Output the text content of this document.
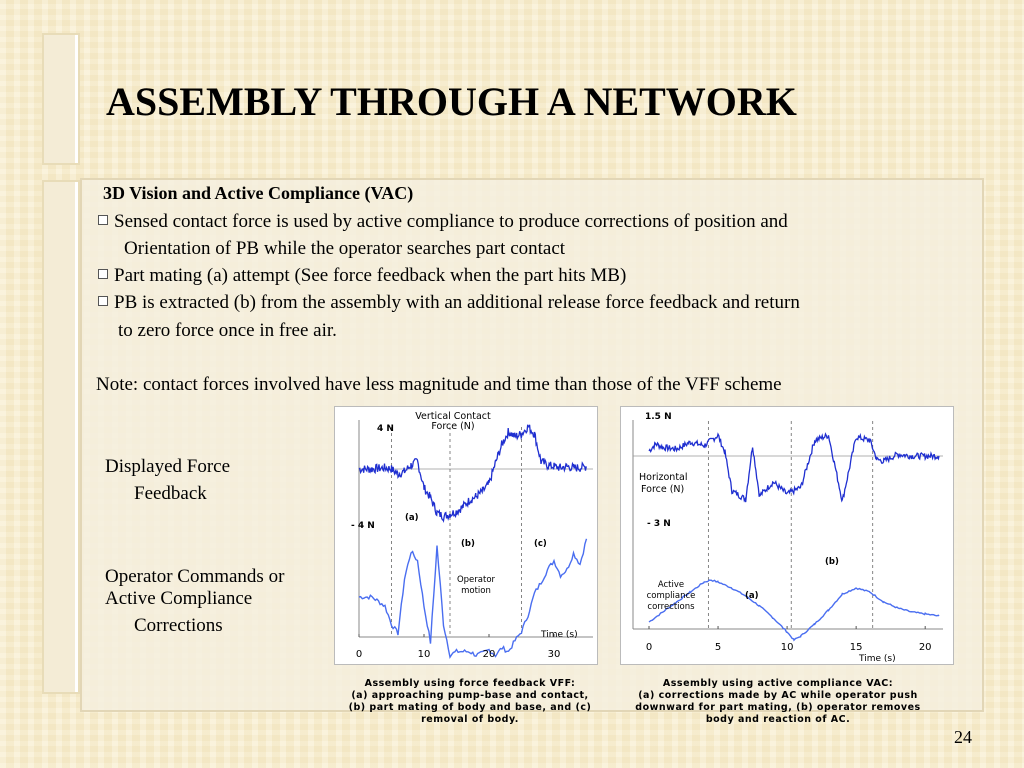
ASSEMBLY THROUGH A NETWORK
3D Vision and Active Compliance (VAC)
Sensed contact force is used by active compliance to produce corrections of position and
Orientation of PB while the operator searches part contact
Part mating (a) attempt (See force feedback when the part hits MB)
PB is extracted (b) from the assembly with an additional release force feedback and return
to zero force once in free air.
Note: contact forces involved have less magnitude and time than those of the VFF scheme
Displayed Force
Feedback
Operator Commands or
Active Compliance
Corrections
Vertical Contact
Force (N)
4 N
- 4 N
(a)
(b)	(c)
Operator
motion
Time (s)
0	10	20	30
Assembly using force feedback VFF:
(a) approaching pump-base and contact,
(b) part mating of body and base, and (c)
removal of body.
1.5 N
Horizontal
Force (N)
- 3 N
(b)
(a)
Active
compliance
corrections
Time (s)
0	5	10	15	20
Assembly using active compliance VAC:
(a) corrections made by AC while operator push
downward for part mating, (b) operator removes
body and reaction of AC.
24
